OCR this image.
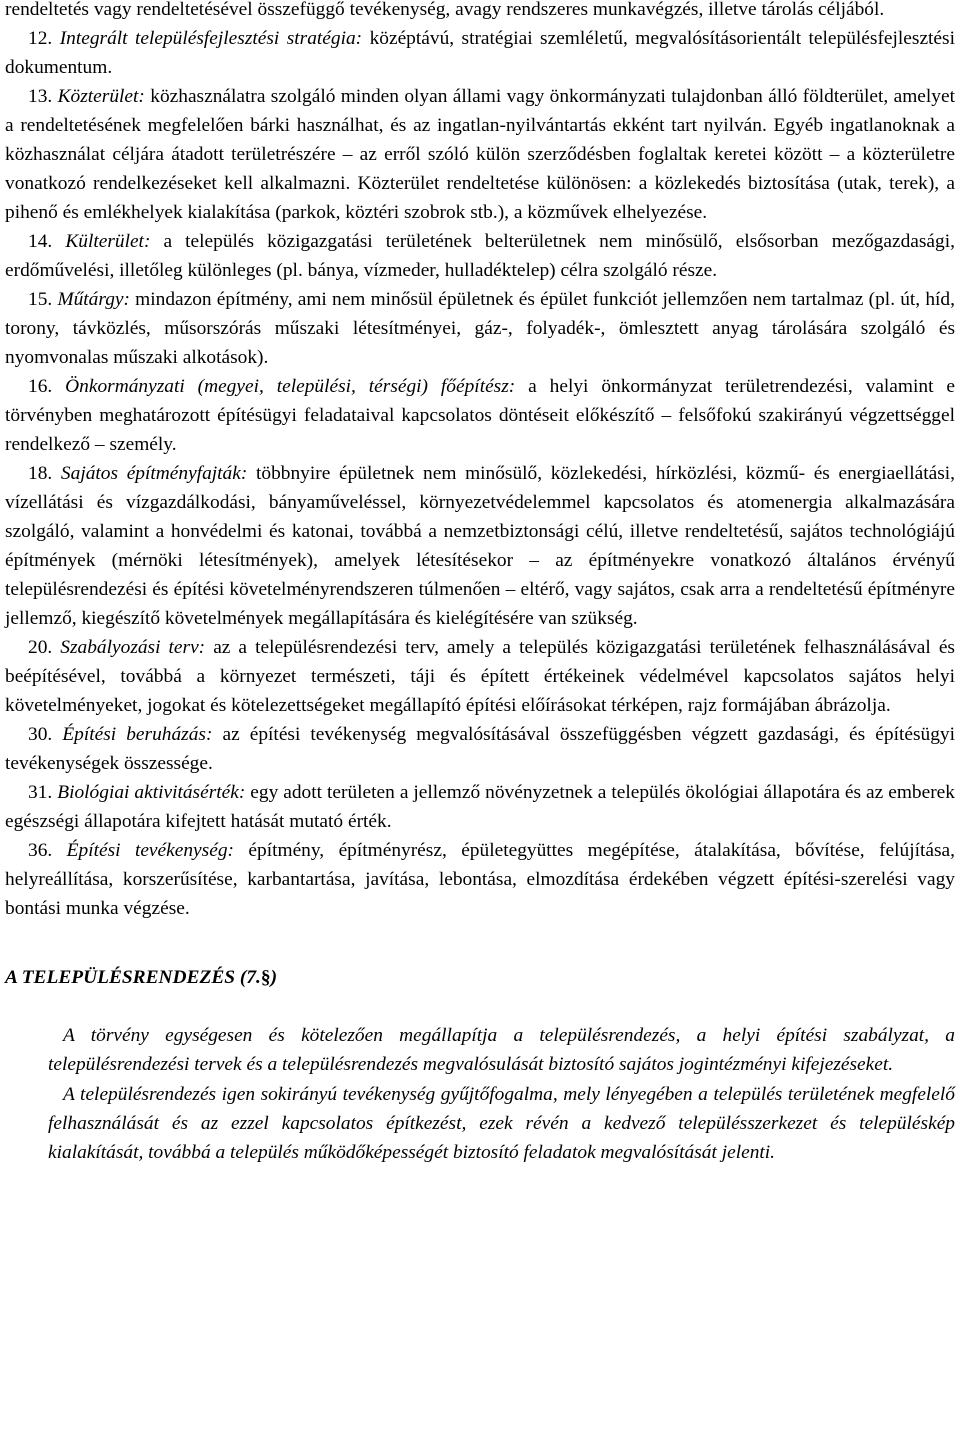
rendeltetés vagy rendeltetésével összefüggő tevékenység, avagy rendszeres munkavégzés, illetve tárolás céljából.

12. Integrált településfejlesztési stratégia: középtávú, stratégiai szemléletű, megvalósításorientált településfejlesztési dokumentum.

13. Közterület: közhasználatra szolgáló minden olyan állami vagy önkormányzati tulajdonban álló földterület, amelyet a rendeltetésének megfelelően bárki használhat, és az ingatlan-nyilvántartás ekként tart nyilván. Egyéb ingatlanoknak a közhasználat céljára átadott területrészére – az erről szóló külön szerződésben foglaltak keretei között – a közterületre vonatkozó rendelkezéseket kell alkalmazni. Közterület rendeltetése különösen: a közlekedés biztosítása (utak, terek), a pihenő és emlékhelyek kialakítása (parkok, köztéri szobrok stb.), a közművek elhelyezése.

14. Külterület: a település közigazgatási területének belterületnek nem minősülő, elsősorban mezőgazdasági, erdőművelési, illetőleg különleges (pl. bánya, vízmeder, hulladéktelep) célra szolgáló része.

15. Műtárgy: mindazon építmény, ami nem minősül épületnek és épület funkciót jellemzően nem tartalmaz (pl. út, híd, torony, távközlés, műsorszórás műszaki létesítményei, gáz-, folyadék-, ömlesztett anyag tárolására szolgáló és nyomvonalas műszaki alkotások).

16. Önkormányzati (megyei, települési, térségi) főépítész: a helyi önkormányzat területrendezési, valamint e törvényben meghatározott építésügyi feladataival kapcsolatos döntéseit előkészítő – felsőfokú szakirányú végzettséggel rendelkező – személy.

18. Sajátos építményfajták: többnyire épületnek nem minősülő, közlekedési, hírközlési, közmű- és energiaellátási, vízellátási és vízgazdálkodási, bányaműveléssel, környezetvédelemmel kapcsolatos és atomenergia alkalmazására szolgáló, valamint a honvédelmi és katonai, továbbá a nemzetbiztonsági célú, illetve rendeltetésű, sajátos technológiájú építmények (mérnöki létesítmények), amelyek létesítésekor – az építményekre vonatkozó általános érvényű településrendezési és építési követelményrendszeren túlmenően – eltérő, vagy sajátos, csak arra a rendeltetésű építményre jellemző, kiegészítő követelmények megállapítására és kielégítésére van szükség.

20. Szabályozási terv: az a településrendezési terv, amely a település közigazgatási területének felhasználásával és beépítésével, továbbá a környezet természeti, táji és épített értékeinek védelmével kapcsolatos sajátos helyi követelményeket, jogokat és kötelezettségeket megállapító építési előírásokat térképen, rajz formájában ábrázolja.

30. Építési beruházás: az építési tevékenység megvalósításával összefüggésben végzett gazdasági, és építésügyi tevékenységek összessége.

31. Biológiai aktivitásérték: egy adott területen a jellemző növényzetnek a település ökológiai állapotára és az emberek egészségi állapotára kifejtett hatását mutató érték.

36. Építési tevékenység: építmény, építményrész, épületegyüttes megépítése, átalakítása, bővítése, felújítása, helyreállítása, korszerűsítése, karbantartása, javítása, lebontása, elmozdítása érdekében végzett építési-szerelési vagy bontási munka végzése.

A TELEPÜLÉSRENDEZÉS (7.§)

A törvény egységesen és kötelezően megállapítja a településrendezés, a helyi építési szabályzat, a településrendezési tervek és a településrendezés megvalósulását biztosító sajátos jogintézményi kifejezéseket.

A településrendezés igen sokirányú tevékenység gyűjtőfogalma, mely lényegében a település területének megfelelő felhasználását és az ezzel kapcsolatos építkezést, ezek révén a kedvező településszerkezet és településkép kialakítását, továbbá a település működőképességét biztosító feladatok megvalósítását jelenti.
